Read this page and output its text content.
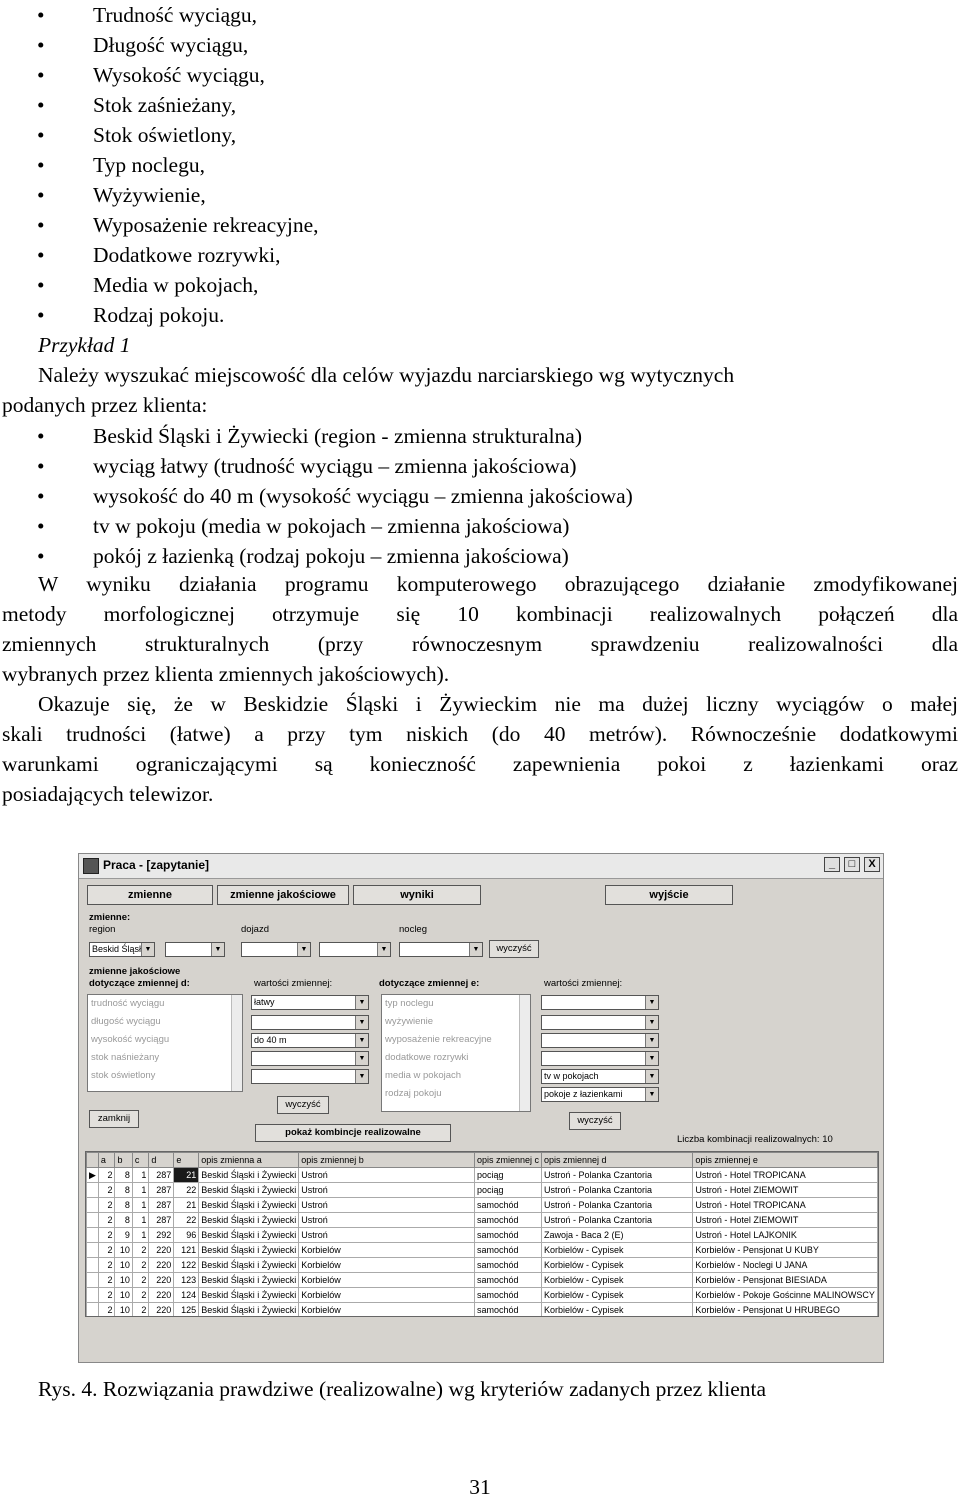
• Trudność wyciągu,
• Długość wyciągu,
• Wysokość wyciągu,
• Stok zaśnieżany,
• Stok oświetlony,
• Typ noclegu,
• Wyżywienie,
• Wyposażenie rekreacyjne,
• Dodatkowe rozrywki,
• Media w pokojach,
• Rodzaj pokoju.
Przykład 1
Należy wyszukać miejscowość dla celów wyjazdu narciarskiego wg wytycznych
podanych przez klienta:
• Beskid Śląski i Żywiecki (region - zmienna strukturalna)
• wyciąg łatwy (trudność wyciągu – zmienna jakościowa)
• wysokość do 40 m (wysokość wyciągu – zmienna jakościowa)
• tv w pokoju (media w pokojach – zmienna jakościowa)
• pokój z łazienką (rodzaj pokoju – zmienna jakościowa)
W wyniku działania programu komputerowego obrazującego działanie zmodyfikowanej
metody morfologicznej otrzymuje się 10 kombinacji realizowalnych połączeń dla
zmiennych strukturalnych (przy równoczesnym sprawdzeniu realizowalności dla
wybranych przez klienta zmiennych jakościowych).
Okazuje się, że w Beskidzie Śląski i Żywieckim nie ma dużej liczny wyciągów o małej
skali trudności (łatwe) a przy tym niskich (do 40 metrów). Równocześnie dodatkowymi
warunkami ograniczającymi są konieczność zapewnienia pokoi z łazienkami oraz
posiadających telewizor.
Praca - [zapytanie]	_	□	X
zmienne	zmienne jakościowe	wyniki	wyjście
zmienne:
region	dojazd	nocleg
Beskid Śląsł ▼	▼	▼	▼	▼	wyczyść
zmienne jakościowe
dotyczące zmiennej d:	wartości zmiennej:	dotyczące zmiennej e:	wartości zmiennej:
trudność wyciągu
długość wyciągu
wysokość wyciągu
stok naśnieżany
stok oświetlony
typ noclegu
wyżywienie
wyposażenie rekreacyjne
dodatkowe rozrywki
media w pokojach
rodzaj pokoju
łatwy	▼
▼
do 40 m	▼
▼
▼
wyczyść
▼
▼
▼
▼
tv w pokojach	▼
pokoje z łazienkami	▼
wyczyść
zamknij
pokaż kombincje realizowalne
Liczba kombinacji realizowalnych: 10
	a	b	c	d	e	opis zmienna a	opis zmiennej b	opis zmiennej c	opis zmiennej d	opis zmiennej e
▶	2	8	1	287	21	Beskid Śląski i Żywiecki	Ustroń	pociąg	Ustroń - Polanka Czantoria	Ustroń - Hotel TROPICANA
	2	8	1	287	22	Beskid Śląski i Żywiecki	Ustroń	pociąg	Ustroń - Polanka Czantoria	Ustroń - Hotel ZIEMOWIT
	2	8	1	287	21	Beskid Śląski i Żywiecki	Ustroń	samochód	Ustroń - Polanka Czantoria	Ustroń - Hotel TROPICANA
	2	8	1	287	22	Beskid Śląski i Żywiecki	Ustroń	samochód	Ustroń - Polanka Czantoria	Ustroń - Hotel ZIEMOWIT
	2	9	1	292	96	Beskid Śląski i Żywiecki	Ustroń	samochód	Zawoja - Baca 2 (E)	Ustroń - Hotel LAJKONIK
	2	10	2	220	121	Beskid Śląski i Żywiecki	Korbielów	samochód	Korbielów - Cypisek	Korbielów - Pensjonat U KUBY
	2	10	2	220	122	Beskid Śląski i Żywiecki	Korbielów	samochód	Korbielów - Cypisek	Korbielów - Noclegi U JANA
	2	10	2	220	123	Beskid Śląski i Żywiecki	Korbielów	samochód	Korbielów - Cypisek	Korbielów - Pensjonat BIESIADA
	2	10	2	220	124	Beskid Śląski i Żywiecki	Korbielów	samochód	Korbielów - Cypisek	Korbielów - Pokoje Gościnne MALINOWSCY
	2	10	2	220	125	Beskid Śląski i Żywiecki	Korbielów	samochód	Korbielów - Cypisek	Korbielów - Pensjonat U HRUBEGO
Rys. 4. Rozwiązania prawdziwe (realizowalne) wg kryteriów zadanych przez klienta
31
